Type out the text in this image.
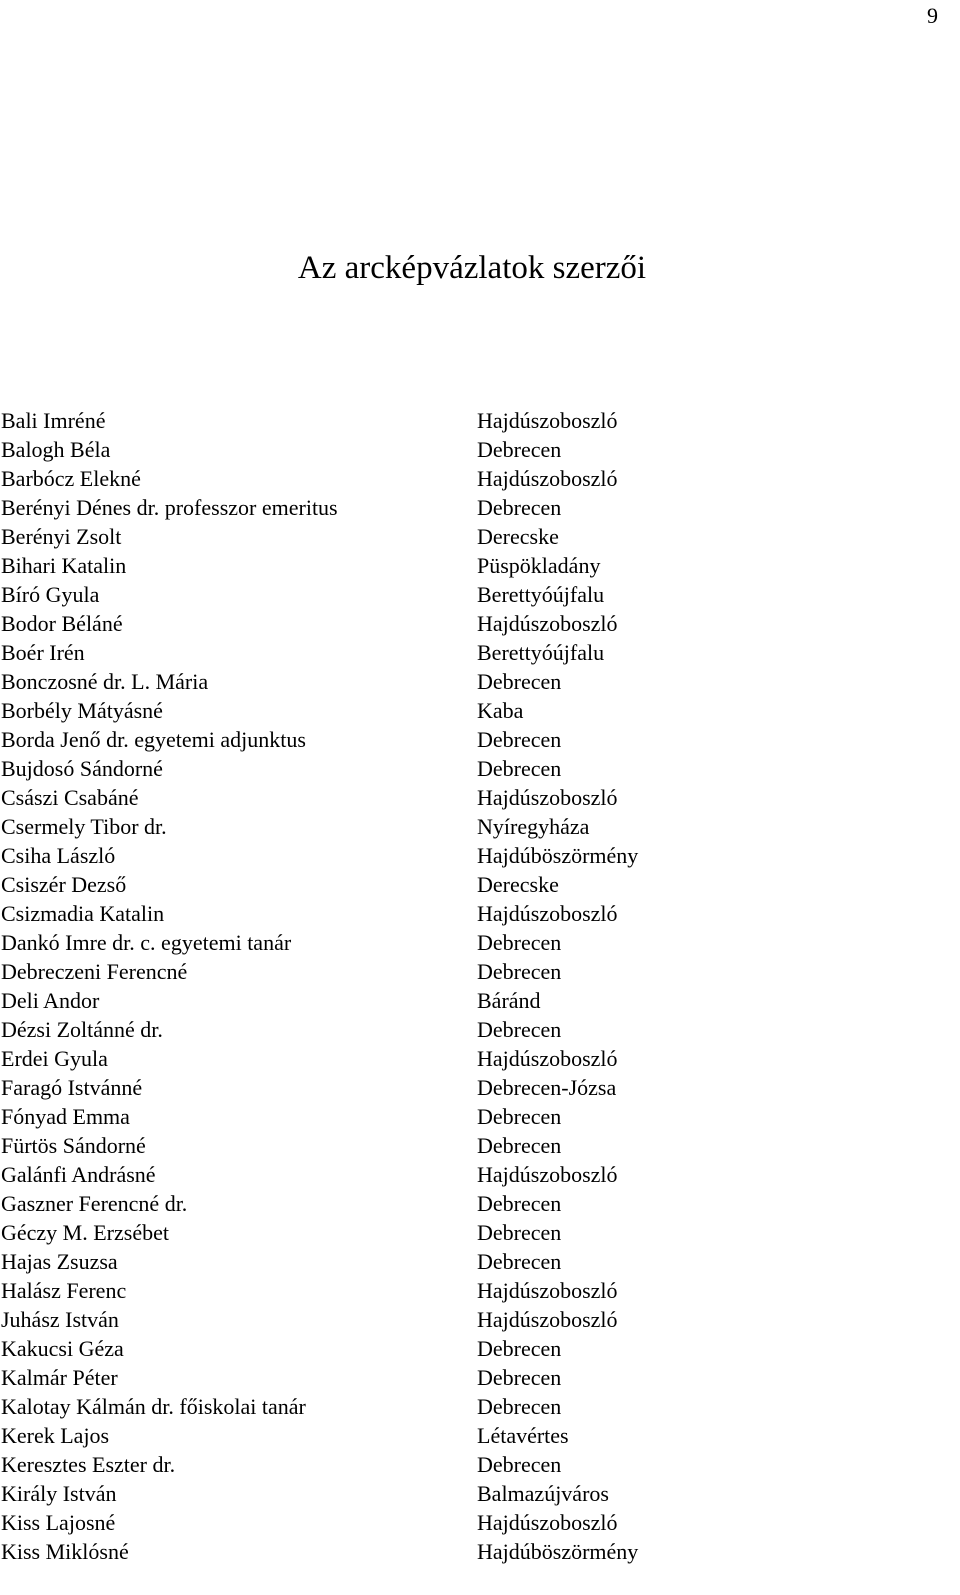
9
Az arcképvázlatok szerzői
Bali Imréné	Hajdúszoboszló
Balogh Béla	Debrecen
Barbócz Elekné	Hajdúszoboszló
Berényi Dénes dr. professzor emeritus	Debrecen
Berényi Zsolt	Derecske
Bihari Katalin	Püspökladány
Bíró Gyula	Berettyóújfalu
Bodor Béláné	Hajdúszoboszló
Boér Irén	Berettyóújfalu
Bonczosné dr. L. Mária	Debrecen
Borbély Mátyásné	Kaba
Borda Jenő dr. egyetemi adjunktus	Debrecen
Bujdosó Sándorné	Debrecen
Császi Csabáné	Hajdúszoboszló
Csermely Tibor dr.	Nyíregyháza
Csiha László	Hajdúböszörmény
Csiszér Dezső	Derecske
Csizmadia Katalin	Hajdúszoboszló
Dankó Imre dr. c. egyetemi tanár	Debrecen
Debreczeni Ferencné	Debrecen
Deli Andor	Báránd
Dézsi Zoltánné dr.	Debrecen
Erdei Gyula	Hajdúszoboszló
Faragó Istvánné	Debrecen-Józsa
Fónyad Emma	Debrecen
Fürtös Sándorné	Debrecen
Galánfi Andrásné	Hajdúszoboszló
Gaszner Ferencné dr.	Debrecen
Géczy M. Erzsébet	Debrecen
Hajas Zsuzsa	Debrecen
Halász Ferenc	Hajdúszoboszló
Juhász István	Hajdúszoboszló
Kakucsi Géza	Debrecen
Kalmár Péter	Debrecen
Kalotay Kálmán dr. főiskolai tanár	Debrecen
Kerek Lajos	Létavértes
Keresztes Eszter dr.	Debrecen
Király István	Balmazújváros
Kiss Lajosné	Hajdúszoboszló
Kiss Miklósné	Hajdúböszörmény
